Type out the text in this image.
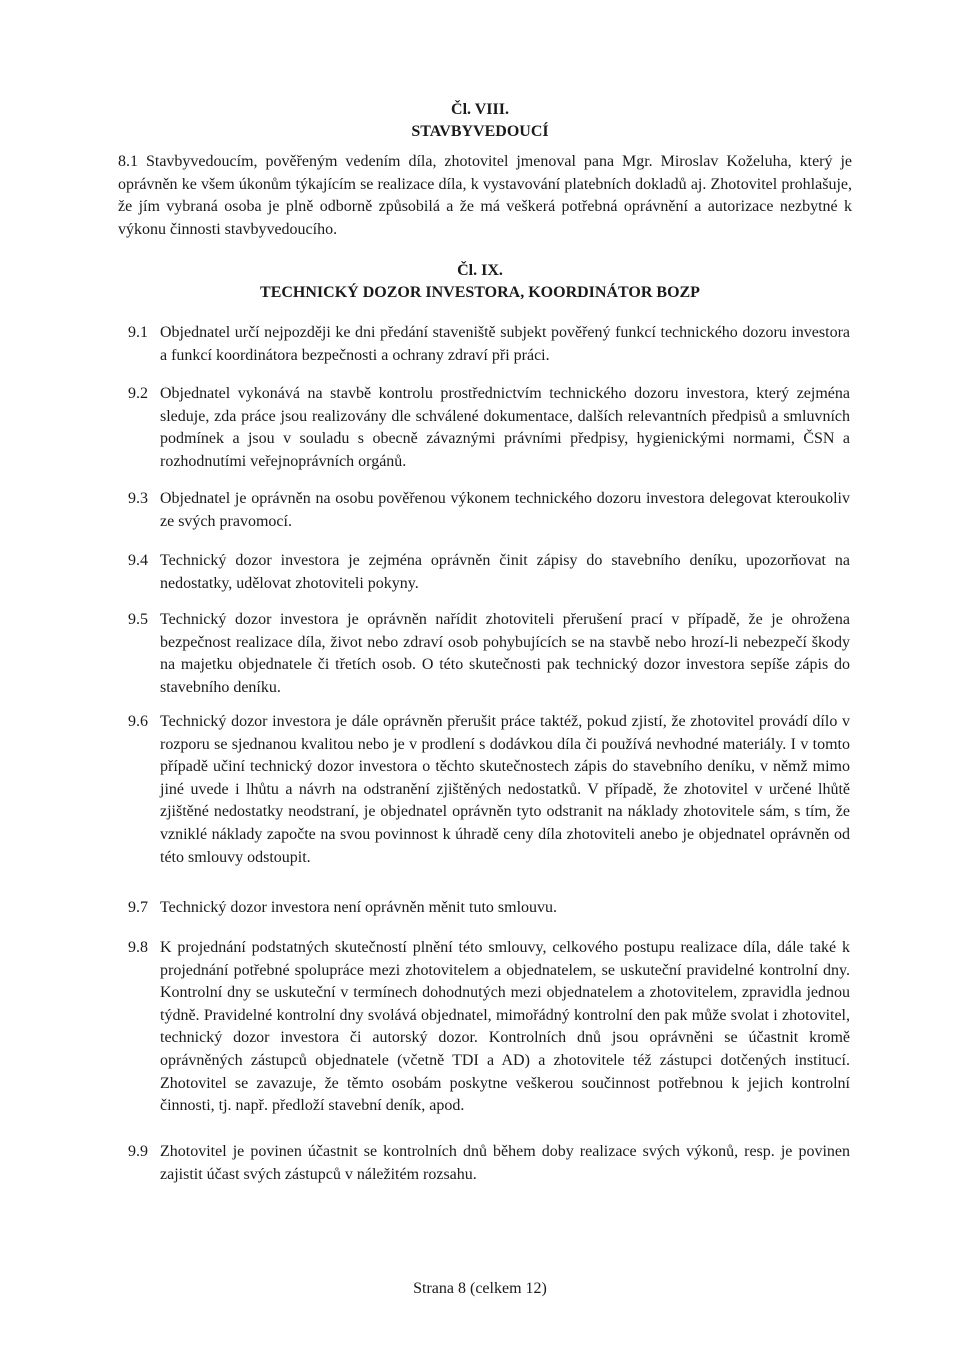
Čl. VIII.
STAVBYVEDOUCÍ
8.1 Stavbyvedoucím, pověřeným vedením díla, zhotovitel jmenoval pana Mgr. Miroslav Koželuha, který je oprávněn ke všem úkonům týkajícím se realizace díla, k vystavování platebních dokladů aj. Zhotovitel prohlašuje, že jím vybraná osoba je plně odborně způsobilá a že má veškerá potřebná oprávnění a autorizace nezbytné k výkonu činnosti stavbyvedoucího.
Čl. IX.
TECHNICKÝ DOZOR INVESTORA, KOORDINÁTOR BOZP
9.1 Objednatel určí nejpozději ke dni předání staveniště subjekt pověřený funkcí technického dozoru investora a funkcí koordinátora bezpečnosti a ochrany zdraví při práci.
9.2 Objednatel vykonává na stavbě kontrolu prostřednictvím technického dozoru investora, který zejména sleduje, zda práce jsou realizovány dle schválené dokumentace, dalších relevantních předpisů a smluvních podmínek a jsou v souladu s obecně závaznými právními předpisy, hygienickými normami, ČSN a rozhodnutími veřejnoprávních orgánů.
9.3 Objednatel je oprávněn na osobu pověřenou výkonem technického dozoru investora delegovat kteroukoliv ze svých pravomocí.
9.4 Technický dozor investora je zejména oprávněn činit zápisy do stavebního deníku, upozorňovat na nedostatky, udělovat zhotoviteli pokyny.
9.5 Technický dozor investora je oprávněn nařídit zhotoviteli přerušení prací v případě, že je ohrožena bezpečnost realizace díla, život nebo zdraví osob pohybujících se na stavbě nebo hrozí-li nebezpečí škody na majetku objednatele či třetích osob. O této skutečnosti pak technický dozor investora sepíše zápis do stavebního deníku.
9.6 Technický dozor investora je dále oprávněn přerušit práce taktéž, pokud zjistí, že zhotovitel provádí dílo v rozporu se sjednanou kvalitou nebo je v prodlení s dodávkou díla či používá nevhodné materiály. I v tomto případě učiní technický dozor investora o těchto skutečnostech zápis do stavebního deníku, v němž mimo jiné uvede i lhůtu a návrh na odstranění zjištěných nedostatků. V případě, že zhotovitel v určené lhůtě zjištěné nedostatky neodstraní, je objednatel oprávněn tyto odstranit na náklady zhotovitele sám, s tím, že vzniklé náklady započte na svou povinnost k úhradě ceny díla zhotoviteli anebo je objednatel oprávněn od této smlouvy odstoupit.
9.7 Technický dozor investora není oprávněn měnit tuto smlouvu.
9.8 K projednání podstatných skutečností plnění této smlouvy, celkového postupu realizace díla, dále také k projednání potřebné spolupráce mezi zhotovitelem a objednatelem, se uskuteční pravidelné kontrolní dny. Kontrolní dny se uskuteční v termínech dohodnutých mezi objednatelem a zhotovitelem, zpravidla jednou týdně. Pravidelné kontrolní dny svolává objednatel, mimořádný kontrolní den pak může svolat i zhotovitel, technický dozor investora či autorský dozor. Kontrolních dnů jsou oprávněni se účastnit kromě oprávněných zástupců objednatele (včetně TDI a AD) a zhotovitele též zástupci dotčených institucí. Zhotovitel se zavazuje, že těmto osobám poskytne veškerou součinnost potřebnou k jejich kontrolní činnosti, tj. např. předloží stavební deník, apod.
9.9 Zhotovitel je povinen účastnit se kontrolních dnů během doby realizace svých výkonů, resp. je povinen zajistit účast svých zástupců v náležitém rozsahu.
Strana 8 (celkem 12)
